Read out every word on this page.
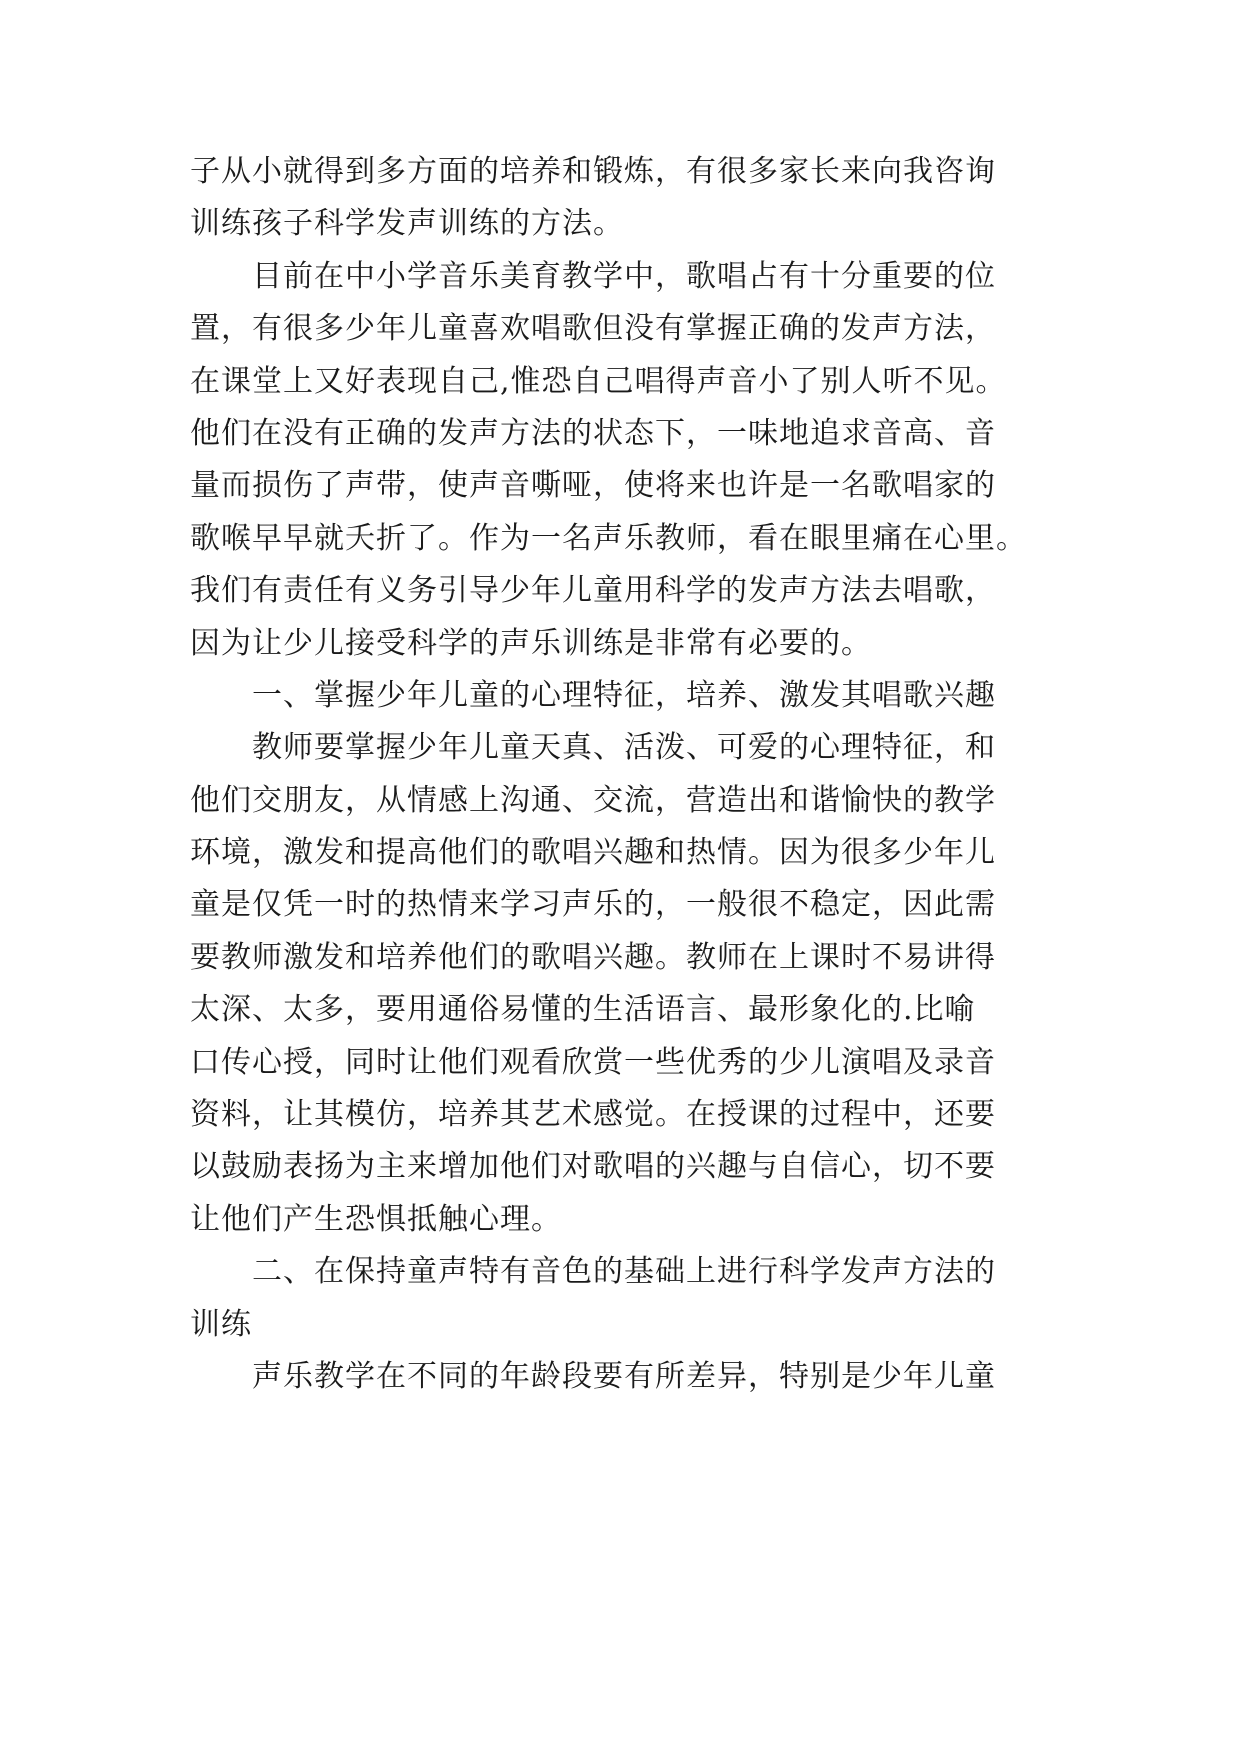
子从小就得到多方面的培养和锻炼，有很多家长来向我咨询
训练孩子科学发声训练的方法。
目前在中小学音乐美育教学中，歌唱占有十分重要的位
置，有很多少年儿童喜欢唱歌但没有掌握正确的发声方法，
在课堂上又好表现自己,惟恐自己唱得声音小了别人听不见。
他们在没有正确的发声方法的状态下，一味地追求音高、音
量而损伤了声带，使声音嘶哑，使将来也许是一名歌唱家的
歌喉早早就夭折了。作为一名声乐教师，看在眼里痛在心里。
我们有责任有义务引导少年儿童用科学的发声方法去唱歌，
因为让少儿接受科学的声乐训练是非常有必要的。
一、掌握少年儿童的心理特征，培养、激发其唱歌兴趣
教师要掌握少年儿童天真、活泼、可爱的心理特征，和
他们交朋友，从情感上沟通、交流，营造出和谐愉快的教学
环境，激发和提高他们的歌唱兴趣和热情。因为很多少年儿
童是仅凭一时的热情来学习声乐的，一般很不稳定，因此需
要教师激发和培养他们的歌唱兴趣。教师在上课时不易讲得
太深、太多，要用通俗易懂的生活语言、最形象化的.比喻
口传心授，同时让他们观看欣赏一些优秀的少儿演唱及录音
资料，让其模仿，培养其艺术感觉。在授课的过程中，还要
以鼓励表扬为主来增加他们对歌唱的兴趣与自信心，切不要
让他们产生恐惧抵触心理。
二、在保持童声特有音色的基础上进行科学发声方法的
训练
声乐教学在不同的年龄段要有所差异，特别是少年儿童
